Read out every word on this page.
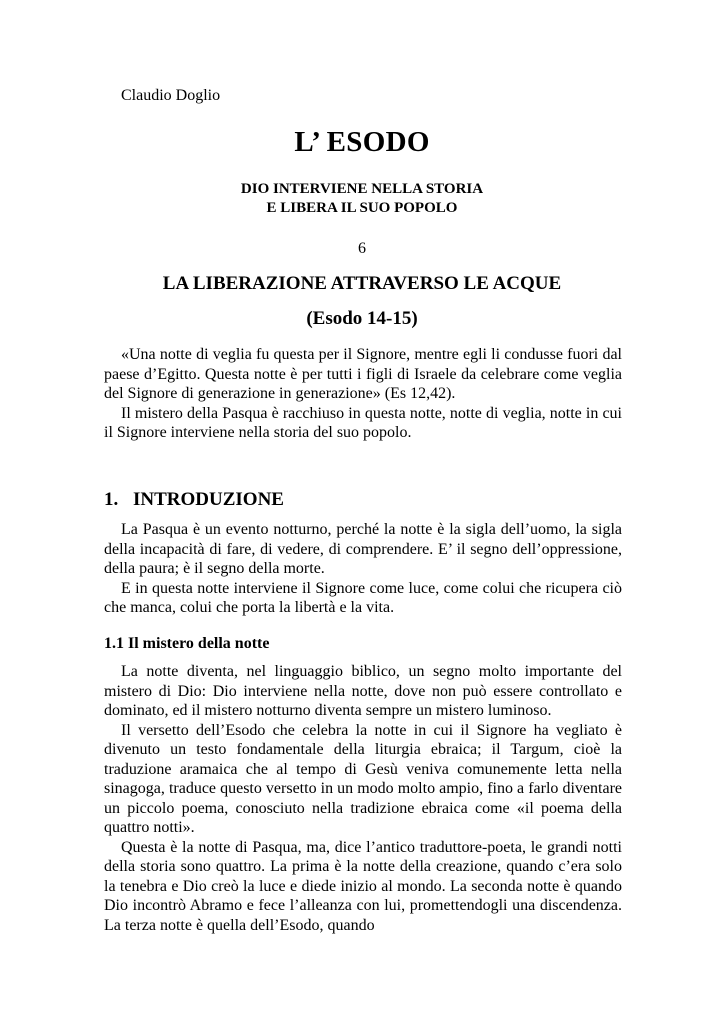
Claudio Doglio
L’ ESODO
DIO INTERVIENE NELLA STORIA
E LIBERA IL SUO POPOLO
6
LA LIBERAZIONE ATTRAVERSO LE ACQUE
(Esodo 14-15)

«Una notte di veglia fu questa per il Signore, mentre egli li condusse fuori dal paese d’Egitto. Questa notte è per tutti i figli di Israele da celebrare come veglia del Signore di generazione in generazione» (Es 12,42).

Il mistero della Pasqua è racchiuso in questa notte, notte di veglia, notte in cui il Signore interviene nella storia del suo popolo.

1. INTRODUZIONE

La Pasqua è un evento notturno, perché la notte è la sigla dell’uomo, la sigla della incapacità di fare, di vedere, di comprendere. E’ il segno dell’oppressione, della paura; è il segno della morte.

E in questa notte interviene il Signore come luce, come colui che ricupera ciò che manca, colui che porta la libertà e la vita.

1.1 Il mistero della notte

La notte diventa, nel linguaggio biblico, un segno molto importante del mistero di Dio: Dio interviene nella notte, dove non può essere controllato e dominato, ed il mistero notturno diventa sempre un mistero luminoso.

Il versetto dell’Esodo che celebra la notte in cui il Signore ha vegliato è divenuto un testo fondamentale della liturgia ebraica; il Targum, cioè la traduzione aramaica che al tempo di Gesù veniva comunemente letta nella sinagoga, traduce questo versetto in un modo molto ampio, fino a farlo diventare un piccolo poema, conosciuto nella tradizione ebraica come «il poema della quattro notti».

Questa è la notte di Pasqua, ma, dice l’antico traduttore-poeta, le grandi notti della storia sono quattro. La prima è la notte della creazione, quando c’era solo la tenebra e Dio creò la luce e diede inizio al mondo. La seconda notte è quando Dio incontrò Abramo e fece l’alleanza con lui, promettendogli una discendenza. La terza notte è quella dell’Esodo, quando
